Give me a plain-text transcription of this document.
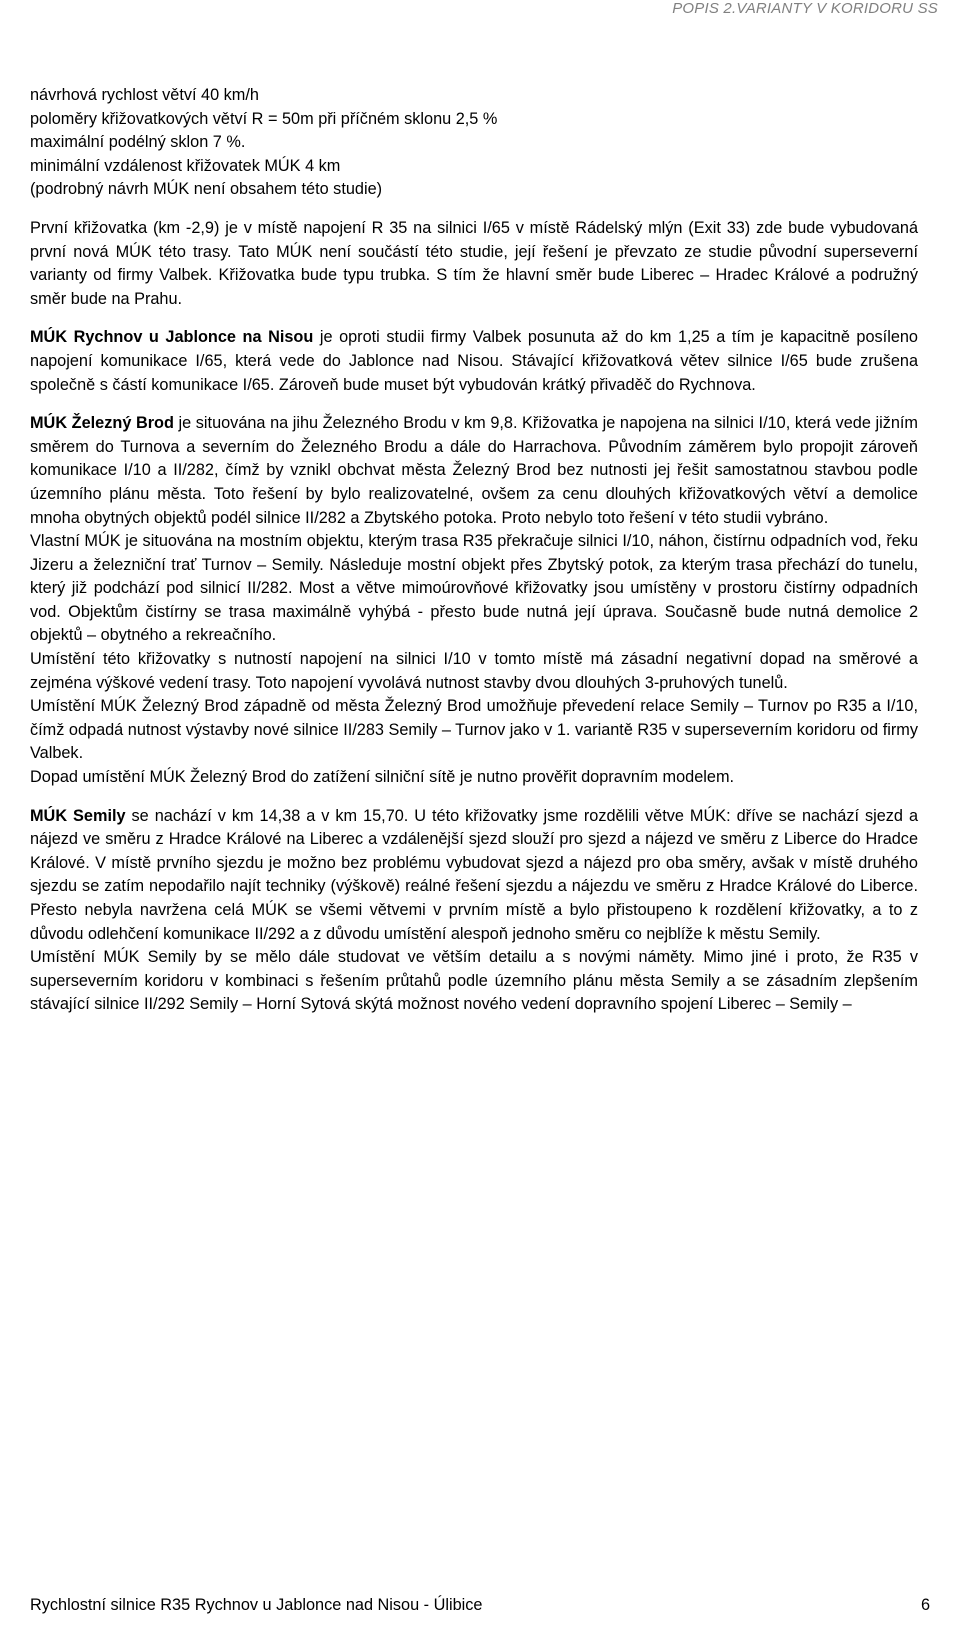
POPIS 2.VARIANTY V KORIDORU SS

návrhová rychlost větví 40 km/h

poloměry křižovatkových větví R = 50m při příčném sklonu 2,5 %

maximální podélný sklon 7 %.

minimální vzdálenost křižovatek MÚK 4 km

(podrobný návrh MÚK není obsahem této studie)

První křižovatka (km -2,9) je v místě napojení R 35 na silnici I/65 v místě Rádelský mlýn (Exit 33) zde bude vybudovaná první nová MÚK této trasy. Tato MÚK není součástí této studie, její řešení je převzato ze studie původní superseverní varianty od firmy Valbek. Křižovatka bude typu trubka. S tím že hlavní směr bude Liberec – Hradec Králové a podružný směr bude na Prahu.

MÚK Rychnov u Jablonce na Nisou je oproti studii firmy Valbek posunuta až do km 1,25 a tím je kapacitně posíleno napojení komunikace I/65, která vede do Jablonce nad Nisou. Stávající křižovatková větev silnice I/65 bude zrušena společně s částí komunikace I/65. Zároveň bude muset být vybudován krátký přivaděč do Rychnova.

MÚK Železný Brod je situována na jihu Železného Brodu v km 9,8. Křižovatka je napojena na silnici I/10, která vede jižním směrem do Turnova a severním do Železného Brodu a dále do Harrachova. Původním záměrem bylo propojit zároveň komunikace I/10 a II/282, čímž by vznikl obchvat města Železný Brod bez nutnosti jej řešit samostatnou stavbou podle územního plánu města. Toto řešení by bylo realizovatelné, ovšem za cenu dlouhých křižovatkových větví a demolice mnoha obytných objektů podél silnice II/282 a Zbytského potoka. Proto nebylo toto řešení v této studii vybráno.

Vlastní MÚK je situována na mostním objektu, kterým trasa R35 překračuje silnici I/10, náhon, čistírnu odpadních vod, řeku Jizeru a železniční trať Turnov – Semily. Následuje mostní objekt přes Zbytský potok, za kterým trasa přechází do tunelu, který již podchází pod silnicí II/282. Most a větve mimoúrovňové křižovatky jsou umístěny v prostoru čistírny odpadních vod. Objektům čistírny se trasa maximálně vyhýbá - přesto bude nutná její úprava. Současně bude nutná demolice 2 objektů – obytného a rekreačního.

Umístění této křižovatky s nutností napojení na silnici I/10 v tomto místě má zásadní negativní dopad na směrové a zejména výškové vedení trasy. Toto napojení vyvolává nutnost stavby dvou dlouhých 3-pruhových tunelů.

Umístění MÚK Železný Brod západně od města Železný Brod umožňuje převedení relace Semily – Turnov po R35 a I/10, čímž odpadá nutnost výstavby nové silnice II/283 Semily – Turnov jako v 1. variantě R35 v superseverním koridoru od firmy Valbek.

Dopad umístění MÚK Železný Brod do zatížení silniční sítě je nutno prověřit dopravním modelem.

MÚK Semily se nachází v km 14,38 a v km 15,70. U této křižovatky jsme rozdělili větve MÚK: dříve se nachází sjezd a nájezd ve směru z Hradce Králové na Liberec a vzdálenější sjezd slouží pro sjezd a nájezd ve směru z Liberce do Hradce Králové. V místě prvního sjezdu je možno bez problému vybudovat sjezd a nájezd pro oba směry, avšak v místě druhého sjezdu se zatím nepodařilo najít techniky (výškově) reálné řešení sjezdu a nájezdu ve směru z Hradce Králové do Liberce. Přesto nebyla navržena celá MÚK se všemi větvemi v prvním místě a bylo přistoupeno k rozdělení křižovatky, a to z důvodu odlehčení komunikace II/292 a z důvodu umístění alespoň jednoho směru co nejblíže k městu Semily.

Umístění MÚK Semily by se mělo dále studovat ve větším detailu a s novými náměty. Mimo jiné i proto, že R35 v superseverním koridoru v kombinaci s řešením průtahů podle územního plánu města Semily a se zásadním zlepšením stávající silnice II/292 Semily – Horní Sytová skýtá možnost nového vedení dopravního spojení Liberec – Semily –

Rychlostní silnice R35 Rychnov u Jablonce nad Nisou - Úlibice	6
